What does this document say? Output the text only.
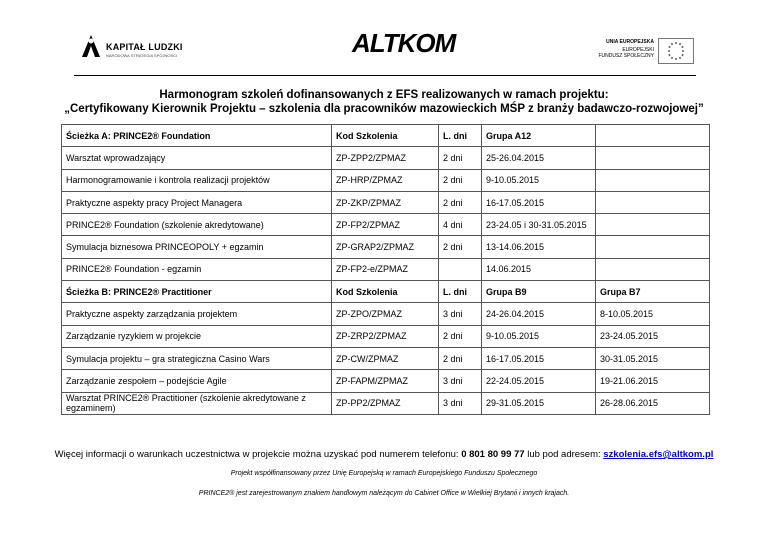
KAPITAŁ LUDZKI
NARODOWA STRATEGIA SPÓJNOŚCI	ALTKOM	UNIA EUROPEJSKA
EUROPEJSKI
FUNDUSZ SPOŁECZNY
Harmonogram szkoleń dofinansowanych z EFS realizowanych w ramach projektu:
„Certyfikowany Kierownik Projektu – szkolenia dla pracowników mazowieckich MŚP z branży badawczo-rozwojowej”
Ścieżka A: PRINCE2® Foundation	Kod Szkolenia	L. dni	Grupa A12	
Warsztat wprowadzający	ZP-ZPP2/ZPMAZ	2 dni	25-26.04.2015	
Harmonogramowanie i kontrola realizacji projektów	ZP-HRP/ZPMAZ	2 dni	9-10.05.2015	
Praktyczne aspekty pracy Project Managera	ZP-ZKP/ZPMAZ	2 dni	16-17.05.2015	
PRINCE2® Foundation (szkolenie akredytowane)	ZP-FP2/ZPMAZ	4 dni	23-24.05 i 30-31.05.2015	
Symulacja biznesowa PRINCEOPOLY + egzamin	ZP-GRAP2/ZPMAZ	2 dni	13-14.06.2015	
PRINCE2® Foundation - egzamin	ZP-FP2-e/ZPMAZ		14.06.2015	
Ścieżka B: PRINCE2® Practitioner	Kod Szkolenia	L. dni	Grupa B9	Grupa B7
Praktyczne aspekty zarządzania projektem	ZP-ZPO/ZPMAZ	3 dni	24-26.04.2015	8-10.05.2015
Zarządzanie ryzykiem w projekcie	ZP-ZRP2/ZPMAZ	2 dni	9-10.05.2015	23-24.05.2015
Symulacja projektu – gra strategiczna Casino Wars	ZP-CW/ZPMAZ	2 dni	16-17.05.2015	30-31.05.2015
Zarządzanie zespołem – podejście Agile	ZP-FAPM/ZPMAZ	3 dni	22-24.05.2015	19-21.06.2015
Warsztat PRINCE2® Practitioner (szkolenie akredytowane z egzaminem)	ZP-PP2/ZPMAZ	3 dni	29-31.05.2015	26-28.06.2015
Więcej informacji o warunkach uczestnictwa w projekcie można uzyskać pod numerem telefonu: 0 801 80 99 77 lub pod adresem: szkolenia.efs@altkom.pl
Projekt współfinansowany przez Unię Europejską w ramach Europejskiego Funduszu Społecznego
PRINCE2® jest zarejestrowanym znakiem handlowym należącym do Cabinet Office w Wielkiej Brytanii i innych krajach.
